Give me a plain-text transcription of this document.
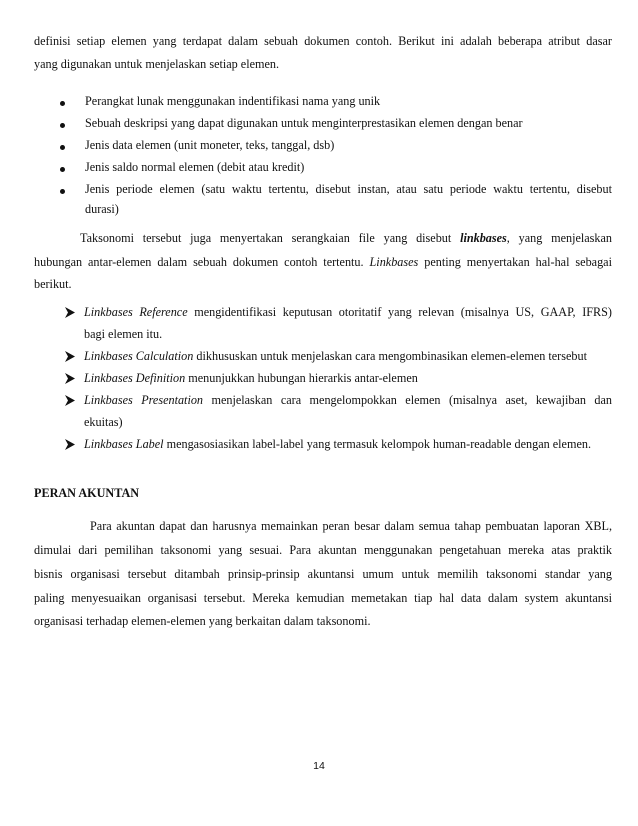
definisi setiap elemen yang terdapat dalam sebuah dokumen contoh. Berikut ini adalah beberapa atribut dasar
yang digunakan untuk menjelaskan setiap elemen.
Perangkat lunak menggunakan indentifikasi nama yang unik
Sebuah deskripsi yang dapat digunakan untuk menginterprestasikan elemen dengan benar
Jenis data elemen (unit moneter, teks, tanggal, dsb)
Jenis saldo normal elemen (debit atau kredit)
Jenis periode elemen (satu waktu tertentu, disebut instan, atau satu periode waktu tertentu, disebut
durasi)
Taksonomi tersebut juga menyertakan serangkaian file yang disebut linkbases, yang menjelaskan
hubungan antar-elemen dalam sebuah dokumen contoh tertentu. Linkbases penting menyertakan hal-hal sebagai
berikut.
Linkbases Reference mengidentifikasi keputusan otoritatif yang relevan (misalnya US, GAAP, IFRS)
bagi elemen itu.
Linkbases Calculation dikhususkan untuk menjelaskan cara mengombinasikan elemen-elemen tersebut
Linkbases Definition menunjukkan hubungan hierarkis antar-elemen
Linkbases Presentation menjelaskan cara mengelompokkan elemen (misalnya aset, kewajiban dan
ekuitas)
Linkbases Label mengasosiasikan label-label yang termasuk kelompok human-readable dengan elemen.
PERAN AKUNTAN
Para akuntan dapat dan harusnya memainkan peran besar dalam semua tahap pembuatan laporan XBL,
dimulai dari pemilihan taksonomi yang sesuai. Para akuntan menggunakan pengetahuan mereka atas praktik
bisnis organisasi tersebut ditambah prinsip-prinsip akuntansi umum untuk memilih taksonomi standar yang
paling menyesuaikan organisasi tersebut. Mereka kemudian memetakan tiap hal data dalam system akuntansi
organisasi terhadap elemen-elemen yang berkaitan dalam taksonomi.
14
